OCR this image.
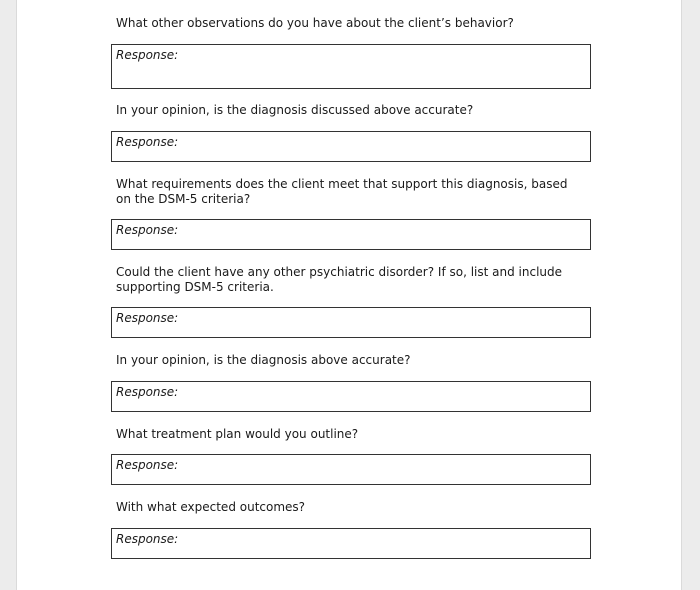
What other observations do you have about the client’s behavior?
Response:
In your opinion, is the diagnosis discussed above accurate?
Response:
What requirements does the client meet that support this diagnosis, based on the DSM-5 criteria?
Response:
Could the client have any other psychiatric disorder? If so, list and include supporting DSM-5 criteria.
Response:
In your opinion, is the diagnosis above accurate?
Response:
What treatment plan would you outline?
Response:
With what expected outcomes?
Response:
